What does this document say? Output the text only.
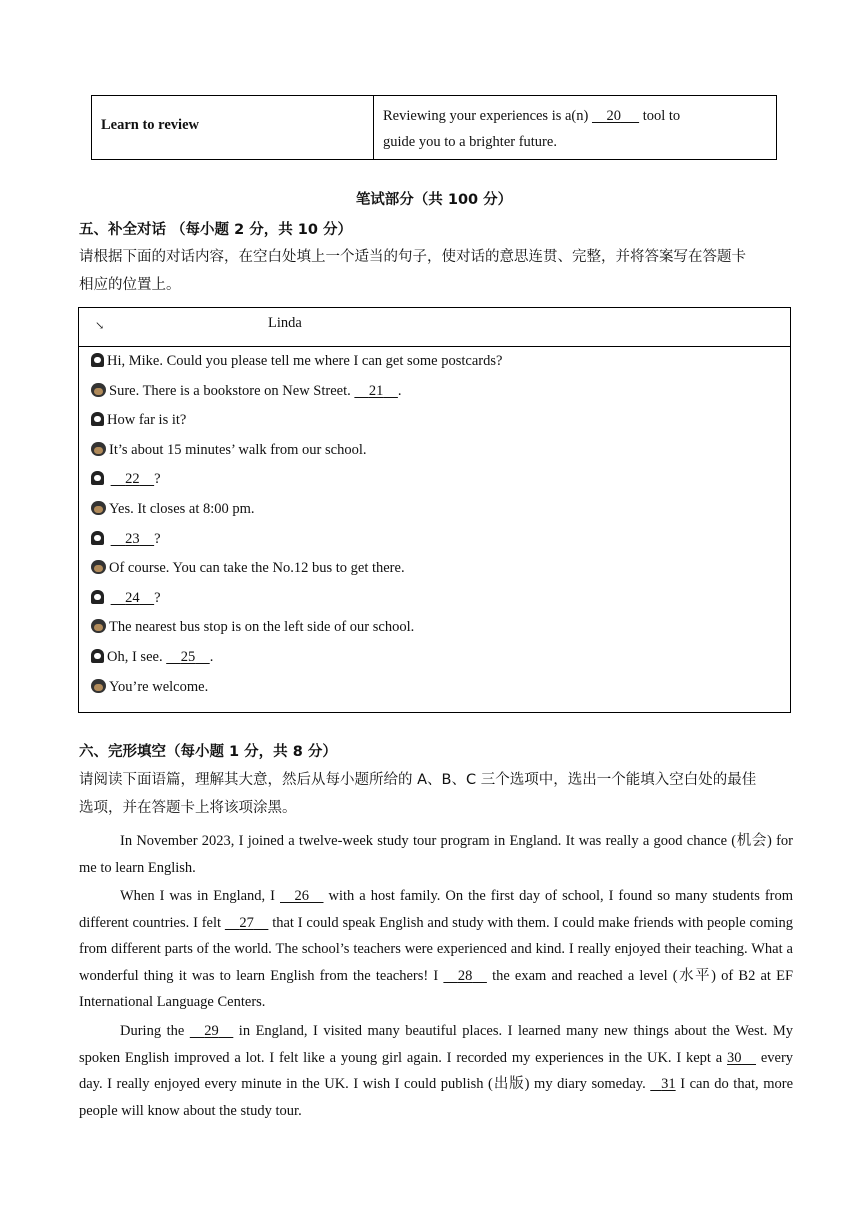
Learn to review
Reviewing your experiences is a(n) 20 tool to
guide you to a brighter future.
笔试部分（共 100 分）
五、补全对话 （每小题 2 分，共 10 分）
请根据下面的对话内容，在空白处填上一个适当的句子，使对话的意思连贯、完整，并将答案写在答题卡
相应的位置上。
↘	Linda
Hi, Mike. Could you please tell me where I can get some postcards?
Sure. There is a bookstore on New Street.     21 .
How far is it?
It’s about 15 minutes’ walk from our school.
22 ?
Yes. It closes at 8:00 pm.
23 ?
Of course. You can take the No.12 bus to get there.
24 ?
The nearest bus stop is on the left side of our school.
Oh, I see.     25 .
You’re welcome.
六、完形填空（每小题 1 分，共 8 分）
请阅读下面语篇，理解其大意，然后从每小题所给的 A、B、C 三个选项中，选出一个能填入空白处的最佳
选项，并在答题卡上将该项涂黑。
In November 2023, I joined a twelve-week study tour program in England. It was really a good chance (机会) for me to learn English.
When I was in England, I 26 with a host family. On the first day of school, I found so many students from different countries. I felt 27 that I could speak English and study with them. I could make friends with people coming from different parts of the world. The school’s teachers were experienced and kind. I really enjoyed their teaching. What a wonderful thing it was to learn English from the teachers! I 28 the exam and reached a level (水平) of B2 at EF International Language Centers.
During the 29 in England, I visited many beautiful places. I learned many new things about the West. My spoken English improved a lot. I felt like a young girl again. I recorded my experiences in the UK. I kept a 30 every day. I really enjoyed every minute in the UK. I wish I could publish (出版) my diary someday. 31 I can do that, more people will know about the study tour.
